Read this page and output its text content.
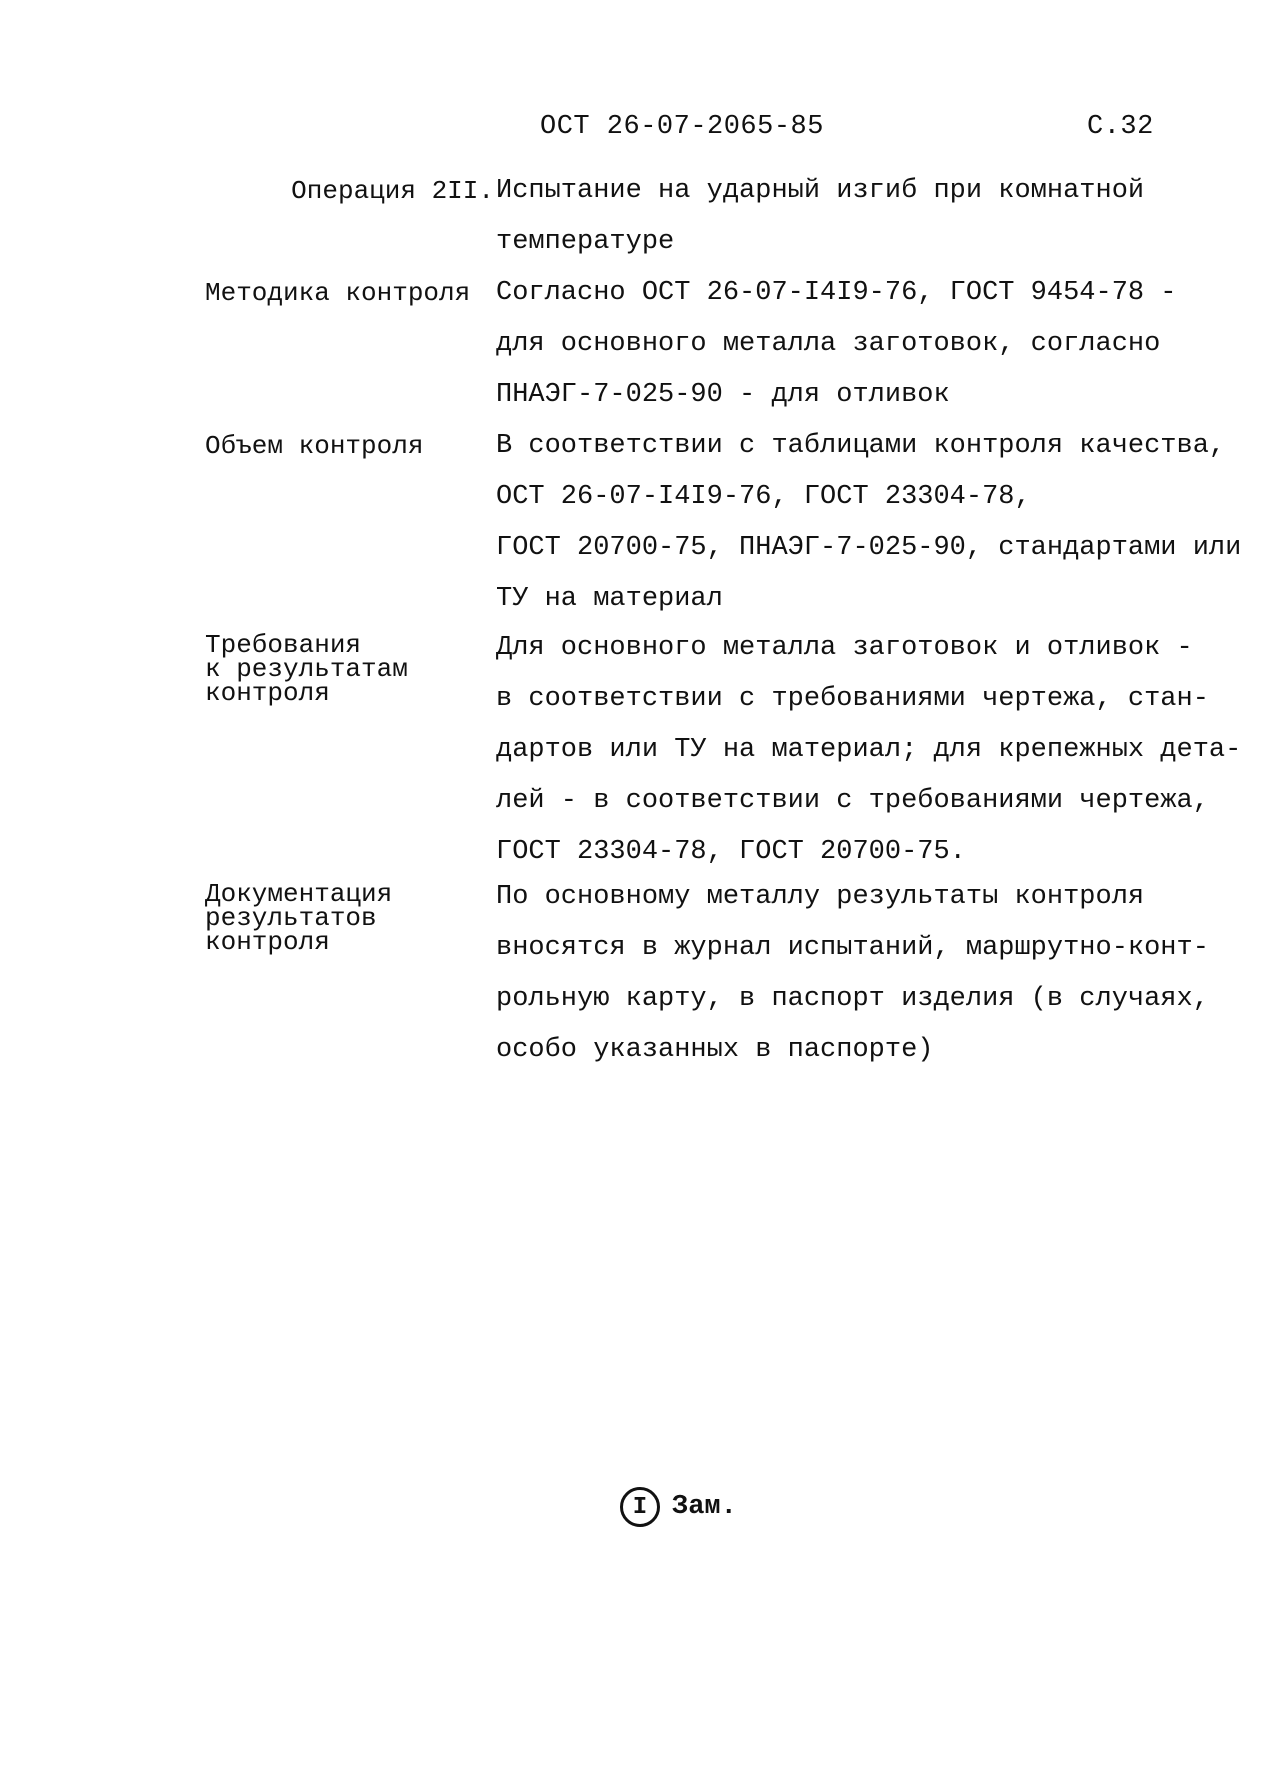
ОСТ 26-07-2065-85	С.32
Операция 2II. Испытание на ударный изгиб при комнатной
температуре
Методика контроля Согласно ОСТ 26-07-I4I9-76, ГОСТ 9454-78 -
для основного металла заготовок, согласно
ПНАЭГ-7-025-90 - для отливок
Объем контроля	В соответствии с таблицами контроля качества,
ОСТ 26-07-I4I9-76, ГОСТ 23304-78,
ГОСТ 20700-75, ПНАЭГ-7-025-90, стандартами или
ТУ на материал
Требования
к результатам
контроля
Для основного металла заготовок и отливок -
в соответствии с требованиями чертежа, стан-
дартов или ТУ на материал; для крепежных дета-
лей - в соответствии с требованиями чертежа,
ГОСТ 23304-78, ГОСТ 20700-75.
Документация
результатов
контроля
По основному металлу результаты контроля
вносятся в журнал испытаний, маршрутно-конт-
рольную карту, в паспорт изделия (в случаях,
особо указанных в паспорте)
I Зам.
